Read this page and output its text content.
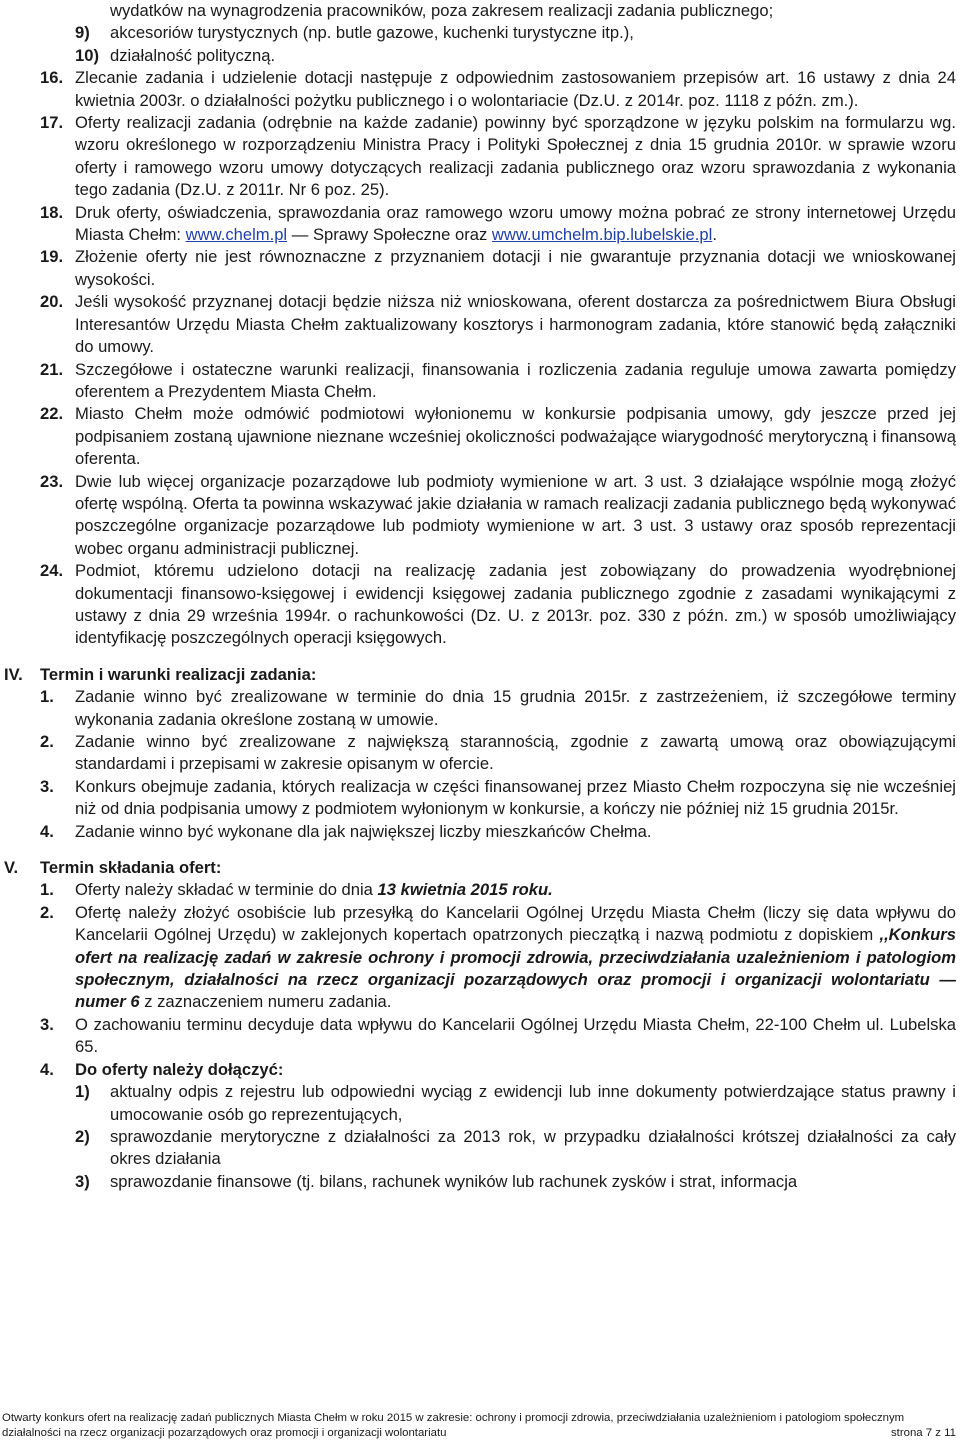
wydatków na wynagrodzenia pracowników, poza zakresem realizacji zadania publicznego;
9)	akcesoriów turystycznych (np. butle gazowe, kuchenki turystyczne itp.),
10) działalność polityczną.
16. Zlecanie zadania i udzielenie dotacji następuje z odpowiednim zastosowaniem przepisów art. 16 ustawy z dnia 24 kwietnia 2003r. o działalności pożytku publicznego i o wolontariacie (Dz.U. z 2014r. poz. 1118 z późn. zm.).
17. Oferty realizacji zadania (odrębnie na każde zadanie) powinny być sporządzone w języku polskim na formularzu wg. wzoru określonego w rozporządzeniu Ministra Pracy i Polityki Społecznej z dnia 15 grudnia 2010r. w sprawie wzoru oferty i ramowego wzoru umowy dotyczących realizacji zadania publicznego oraz wzoru sprawozdania z wykonania tego zadania (Dz.U. z 2011r. Nr 6 poz. 25).
18. Druk oferty, oświadczenia, sprawozdania oraz ramowego wzoru umowy można pobrać ze strony internetowej Urzędu Miasta Chełm: www.chelm.pl — Sprawy Społeczne oraz www.umchelm.bip.lubelskie.pl.
19. Złożenie oferty nie jest równoznaczne z przyznaniem dotacji i nie gwarantuje przyznania dotacji we wnioskowanej wysokości.
20. Jeśli wysokość przyznanej dotacji będzie niższa niż wnioskowana, oferent dostarcza za pośrednictwem Biura Obsługi Interesantów Urzędu Miasta Chełm zaktualizowany kosztorys i harmonogram zadania, które stanowić będą załączniki do umowy.
21. Szczegółowe i ostateczne warunki realizacji, finansowania i rozliczenia zadania reguluje umowa zawarta pomiędzy oferentem a Prezydentem Miasta Chełm.
22. Miasto Chełm może odmówić podmiotowi wyłonionemu w konkursie podpisania umowy, gdy jeszcze przed jej podpisaniem zostaną ujawnione nieznane wcześniej okoliczności podważające wiarygodność merytoryczną i finansową oferenta.
23. Dwie lub więcej organizacje pozarządowe lub podmioty wymienione w art. 3 ust. 3 działające wspólnie mogą złożyć ofertę wspólną. Oferta ta powinna wskazywać jakie działania w ramach realizacji zadania publicznego będą wykonywać poszczególne organizacje pozarządowe lub podmioty wymienione w art. 3 ust. 3 ustawy oraz sposób reprezentacji wobec organu administracji publicznej.
24. Podmiot, któremu udzielono dotacji na realizację zadania jest zobowiązany do prowadzenia wyodrębnionej dokumentacji finansowo-księgowej i ewidencji księgowej zadania publicznego zgodnie z zasadami wynikającymi z ustawy z dnia 29 września 1994r. o rachunkowości (Dz. U. z 2013r. poz. 330 z późn. zm.) w sposób umożliwiający identyfikację poszczególnych operacji księgowych.
IV.	Termin i warunki realizacji zadania:
1.	Zadanie winno być zrealizowane w terminie do dnia 15 grudnia 2015r. z zastrzeżeniem, iż szczegółowe terminy wykonania zadania określone zostaną w umowie.
2.	Zadanie winno być zrealizowane z największą starannością, zgodnie z zawartą umową oraz obowiązującymi standardami i przepisami w zakresie opisanym w ofercie.
3.	Konkurs obejmuje zadania, których realizacja w części finansowanej przez Miasto Chełm rozpoczyna się nie wcześniej niż od dnia podpisania umowy z podmiotem wyłonionym w konkursie, a kończy nie później niż 15 grudnia 2015r.
4.	Zadanie winno być wykonane dla jak największej liczby mieszkańców Chełma.
V.	Termin składania ofert:
1.	Oferty należy składać w terminie do dnia 13 kwietnia 2015 roku.
2.	Ofertę należy złożyć osobiście lub przesyłką do Kancelarii Ogólnej Urzędu Miasta Chełm (liczy się data wpływu do Kancelarii Ogólnej Urzędu) w zaklejonych kopertach opatrzonych pieczątką i nazwą podmiotu z dopiskiem ,,Konkurs ofert na realizację zadań w zakresie ochrony i promocji zdrowia, przeciwdziałania uzależnieniom i patologiom społecznym, działalności na rzecz organizacji pozarządowych oraz promocji i organizacji wolontariatu — numer 6 z zaznaczeniem numeru zadania.
3.	O zachowaniu terminu decyduje data wpływu do Kancelarii Ogólnej Urzędu Miasta Chełm, 22-100 Chełm ul. Lubelska 65.
4.	Do oferty należy dołączyć:
1)	aktualny odpis z rejestru lub odpowiedni wyciąg z ewidencji lub inne dokumenty potwierdzające status prawny i umocowanie osób go reprezentujących,
2)	sprawozdanie merytoryczne z działalności za 2013 rok, w przypadku działalności krótszej działalności za cały okres działania
3)	sprawozdanie finansowe (tj. bilans, rachunek wyników lub rachunek zysków i strat, informacja
Otwarty konkurs ofert na realizację zadań publicznych Miasta Chełm w roku 2015 w zakresie: ochrony i promocji zdrowia, przeciwdziałania uzależnieniom i patologiom społecznym
działalności na rzecz organizacji pozarządowych oraz promocji i organizacji wolontariatu	strona 7 z 11
